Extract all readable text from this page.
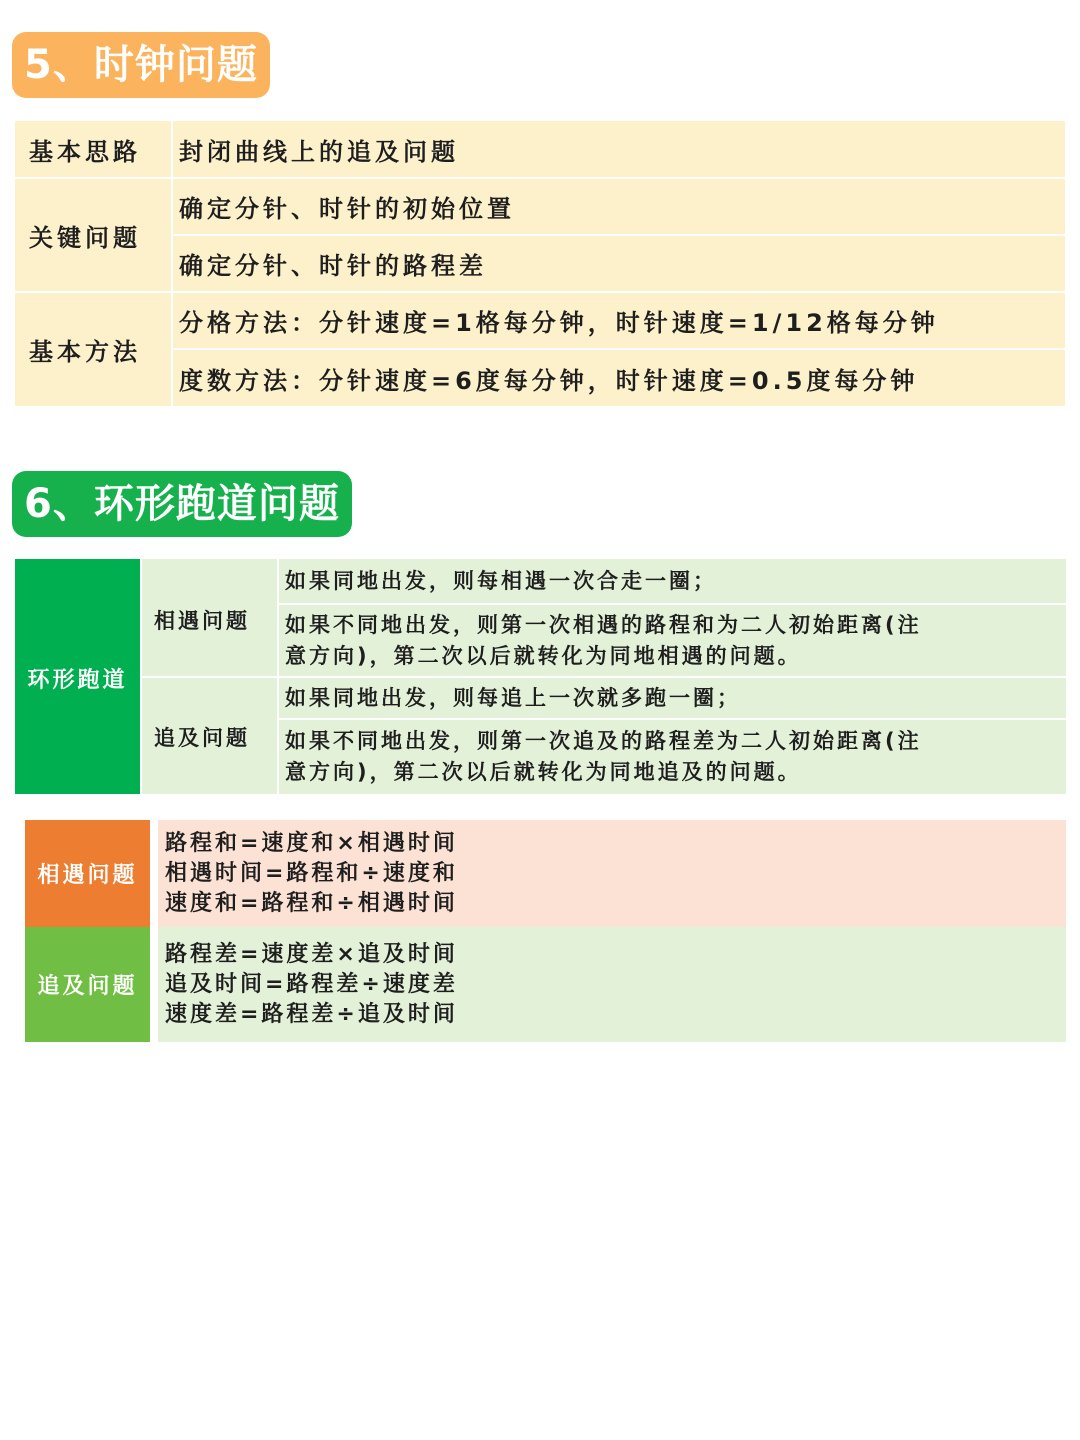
5、时钟问题
基本思路	封闭曲线上的追及问题
关键问题
确定分针、时针的初始位置
确定分针、时针的路程差
基本方法
分格方法：分针速度=1格每分钟，时针速度=1/12格每分钟
度数方法：分针速度=6度每分钟，时针速度=0.5度每分钟
6、环形跑道问题
环形跑道
相遇问题
追及问题
如果同地出发，则每相遇一次合走一圈；
如果不同地出发，则第一次相遇的路程和为二人初始距离(注
意方向)，第二次以后就转化为同地相遇的问题。
如果同地出发，则每追上一次就多跑一圈；
如果不同地出发，则第一次追及的路程差为二人初始距离(注
意方向)，第二次以后就转化为同地追及的问题。
相遇问题
路程和=速度和×相遇时间
相遇时间=路程和÷速度和
速度和=路程和÷相遇时间
追及问题
路程差=速度差×追及时间
追及时间=路程差÷速度差
速度差=路程差÷追及时间
